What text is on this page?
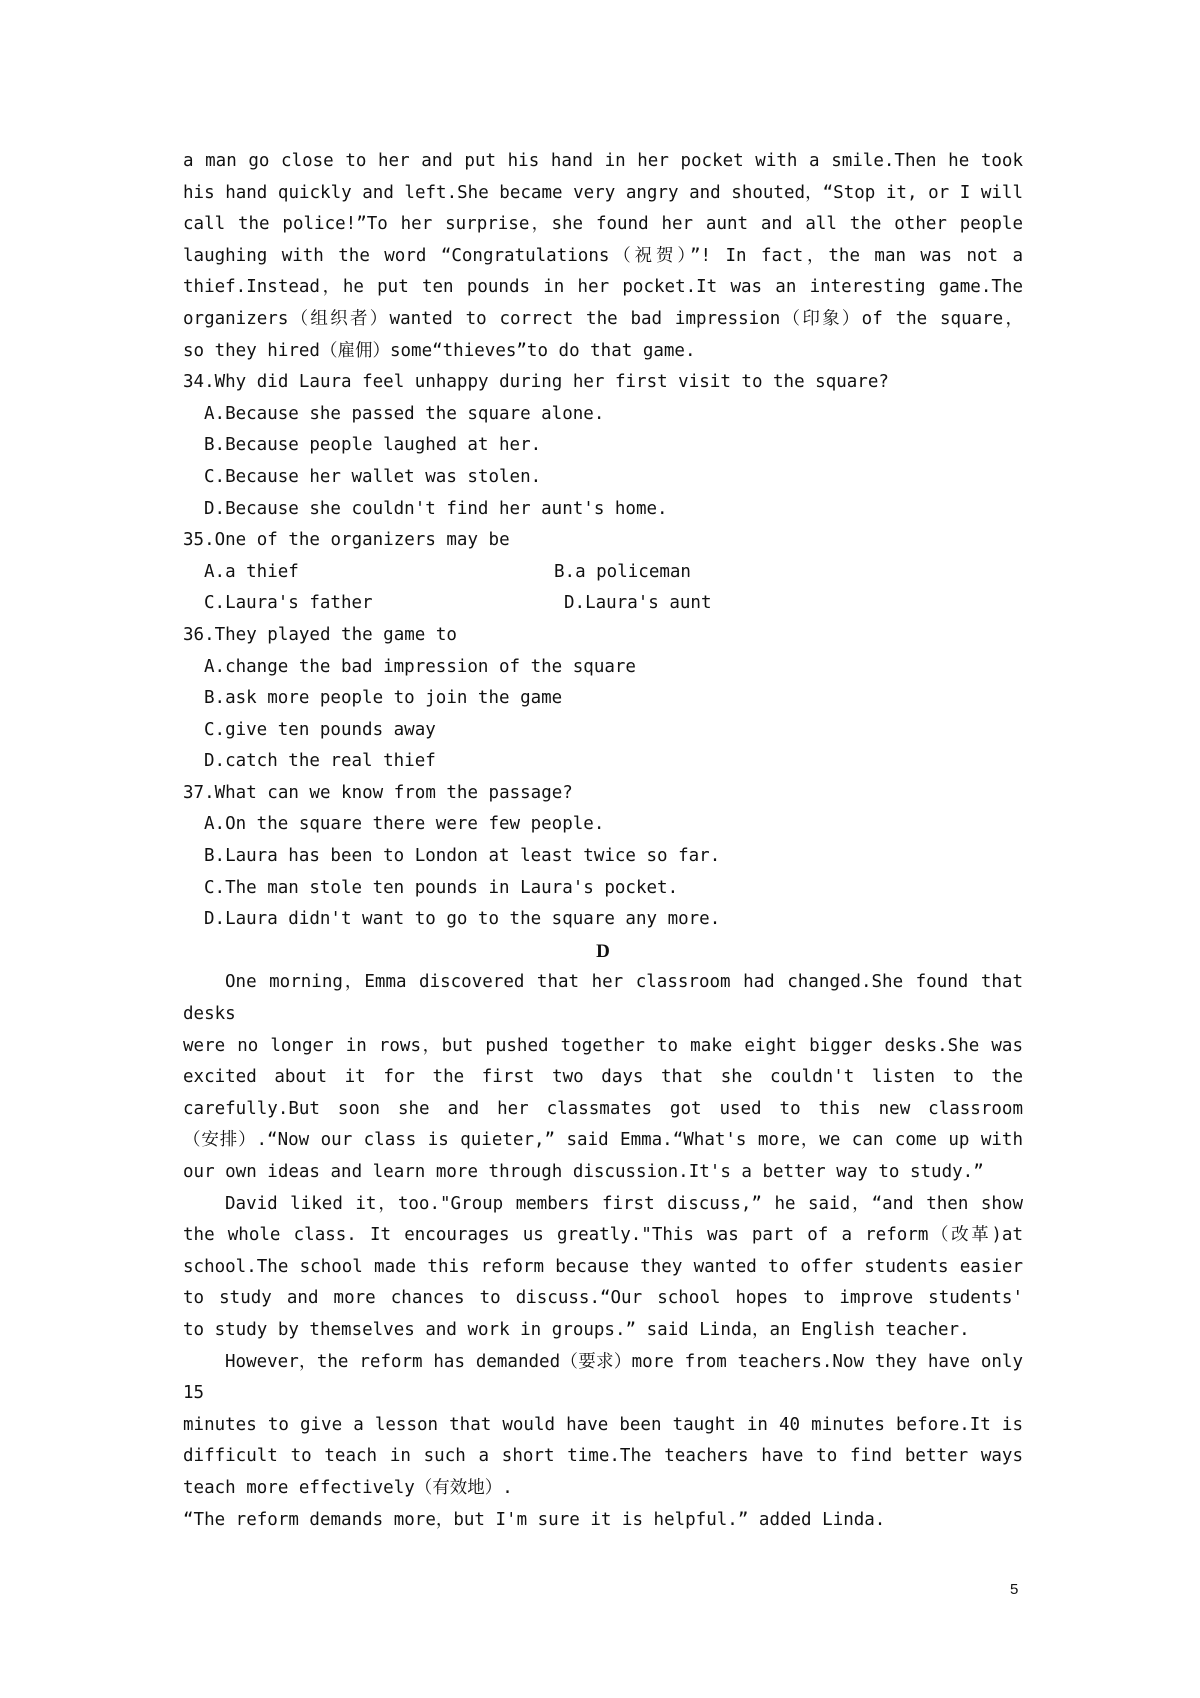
a man go close to her and put his hand in her pocket with a smile.Then he took
his hand quickly and left.She became very angry and shouted，“Stop it, or I will
call the police!”To her surprise，she found her aunt and all the other people
laughing with the word “Congratulations（祝贺）”! In fact，the man was not a
thief.Instead，he put ten pounds in her pocket.It was an interesting game.The
organizers（组织者）wanted to correct the bad impression（印象）of the square，
so they hired（雇佣）some“thieves”to do that game.
34.Why did Laura feel unhappy during her first visit to the square?
A.Because she passed the square alone.
B.Because people laughed at her.
C.Because her wallet was stolen.
D.Because she couldn't find her aunt's home.
35.One of the organizers may be
A.a thief	B.a policeman
C.Laura's father	D.Laura's aunt
36.They played the game to
A.change the bad impression of the square
B.ask more people to join the game
C.give ten pounds away
D.catch the real thief
37.What can we know from the passage?
A.On the square there were few people.
B.Laura has been to London at least twice so far.
C.The man stole ten pounds in Laura's pocket.
D.Laura didn't want to go to the square any more.
D
One morning，Emma discovered that her classroom had changed.She found that
desks
were no longer in rows，but pushed together to make eight bigger desks.She was
excited about it for the first two days that she couldn't listen to the
carefully.But soon she and her classmates got used to this new classroom
（安排）.“Now our class is quieter,” said Emma.“What's more，we can come up with
our own ideas and learn more through discussion.It's a better way to study.”
David liked it，too."Group members first discuss,” he said，“and then show
the whole class. It encourages us greatly."This was part of a reform（改革)at
school.The school made this reform because they wanted to offer students easier
to study and more chances to discuss.“Our school hopes to improve students'
to study by themselves and work in groups.” said Linda，an English teacher.
However，the reform has demanded（要求）more from teachers.Now they have only
15
minutes to give a lesson that would have been taught in 40 minutes before.It is
difficult to teach in such a short time.The teachers have to find better ways
teach more effectively（有效地）.
“The reform demands more，but I'm sure it is helpful.” added Linda.
5
